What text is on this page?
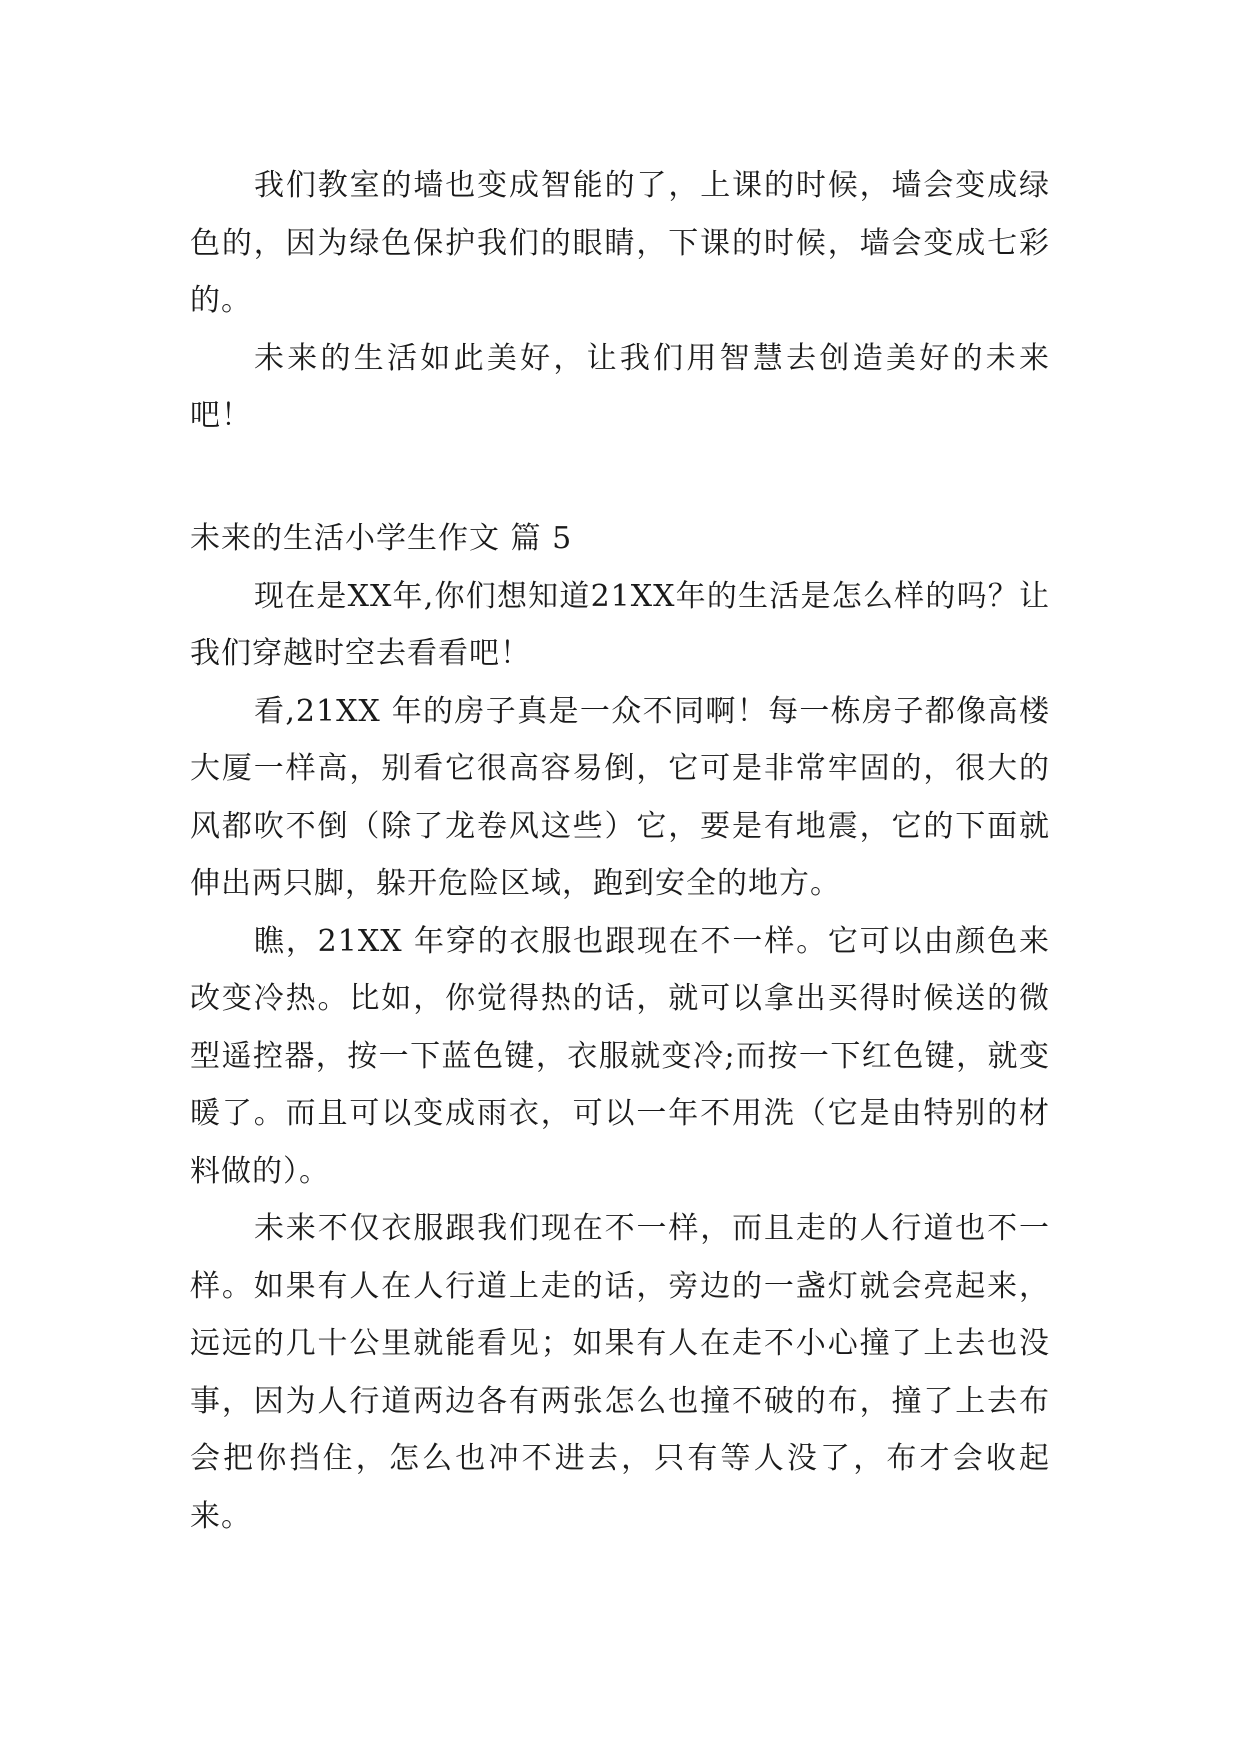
我们教室的墙也变成智能的了，上课的时候，墙会变成绿色的，因为绿色保护我们的眼睛，下课的时候，墙会变成七彩的。

未来的生活如此美好，让我们用智慧去创造美好的未来吧！

未来的生活小学生作文 篇 5

现在是XX年,你们想知道21XX年的生活是怎么样的吗？让我们穿越时空去看看吧！

看,21XX 年的房子真是一众不同啊！每一栋房子都像高楼大厦一样高，别看它很高容易倒，它可是非常牢固的，很大的风都吹不倒（除了龙卷风这些）它，要是有地震，它的下面就伸出两只脚，躲开危险区域，跑到安全的地方。

瞧，21XX 年穿的衣服也跟现在不一样。它可以由颜色来改变冷热。比如，你觉得热的话，就可以拿出买得时候送的微型遥控器，按一下蓝色键，衣服就变冷;而按一下红色键，就变暖了。而且可以变成雨衣，可以一年不用洗（它是由特别的材料做的）。

未来不仅衣服跟我们现在不一样，而且走的人行道也不一样。如果有人在人行道上走的话，旁边的一盏灯就会亮起来，远远的几十公里就能看见；如果有人在走不小心撞了上去也没事，因为人行道两边各有两张怎么也撞不破的布，撞了上去布会把你挡住，怎么也冲不进去，只有等人没了，布才会收起来。
